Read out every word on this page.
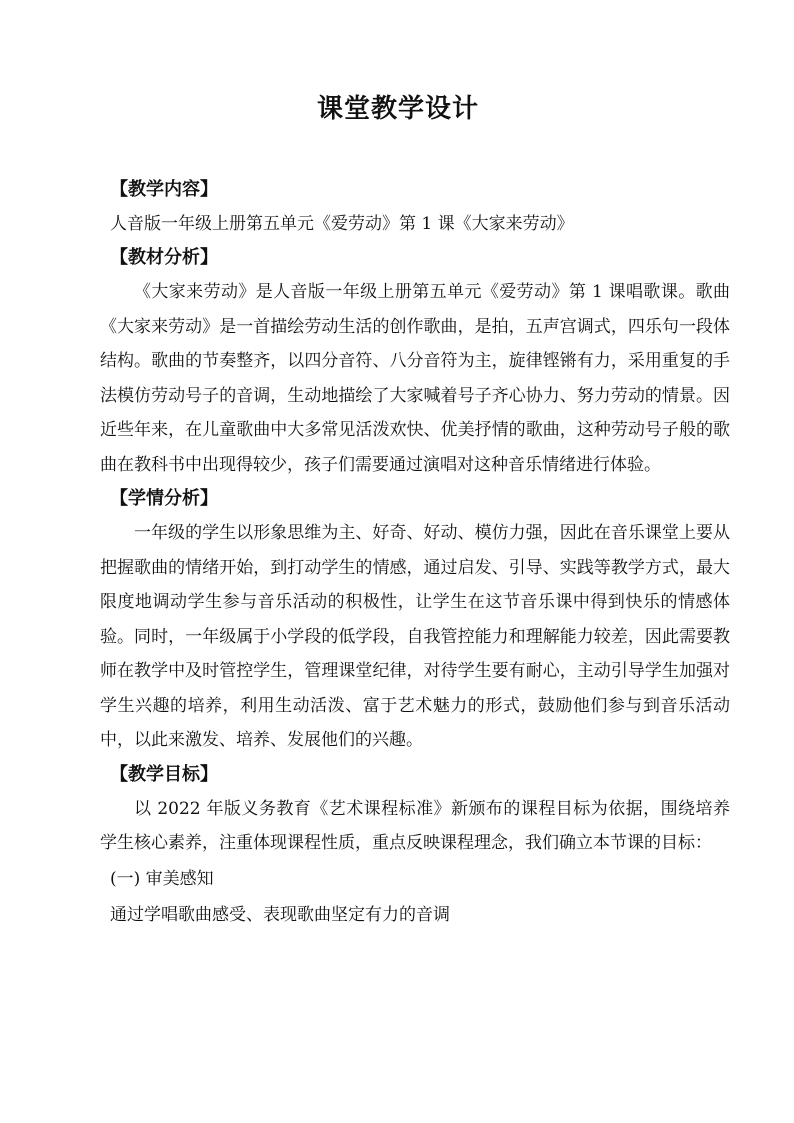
课堂教学设计
【教学内容】
人音版一年级上册第五单元《爱劳动》第 1 课《大家来劳动》
【教材分析】
《大家来劳动》是人音版一年级上册第五单元《爱劳动》第 1 课唱歌课。歌曲《大家来劳动》是一首描绘劳动生活的创作歌曲，是拍，五声宫调式，四乐句一段体结构。歌曲的节奏整齐，以四分音符、八分音符为主，旋律铿锵有力，采用重复的手法模仿劳动号子的音调，生动地描绘了大家喊着号子齐心协力、努力劳动的情景。因近些年来，在儿童歌曲中大多常见活泼欢快、优美抒情的歌曲，这种劳动号子般的歌曲在教科书中出现得较少，孩子们需要通过演唱对这种音乐情绪进行体验。
【学情分析】
一年级的学生以形象思维为主、好奇、好动、模仿力强，因此在音乐课堂上要从把握歌曲的情绪开始，到打动学生的情感，通过启发、引导、实践等教学方式，最大限度地调动学生参与音乐活动的积极性，让学生在这节音乐课中得到快乐的情感体验。同时，一年级属于小学段的低学段，自我管控能力和理解能力较差，因此需要教师在教学中及时管控学生，管理课堂纪律，对待学生要有耐心，主动引导学生加强对学生兴趣的培养，利用生动活泼、富于艺术魅力的形式，鼓励他们参与到音乐活动中，以此来激发、培养、发展他们的兴趣。
【教学目标】
以 2022 年版义务教育《艺术课程标准》新颁布的课程目标为依据，围绕培养学生核心素养，注重体现课程性质，重点反映课程理念，我们确立本节课的目标：
(一) 审美感知
通过学唱歌曲感受、表现歌曲坚定有力的音调
